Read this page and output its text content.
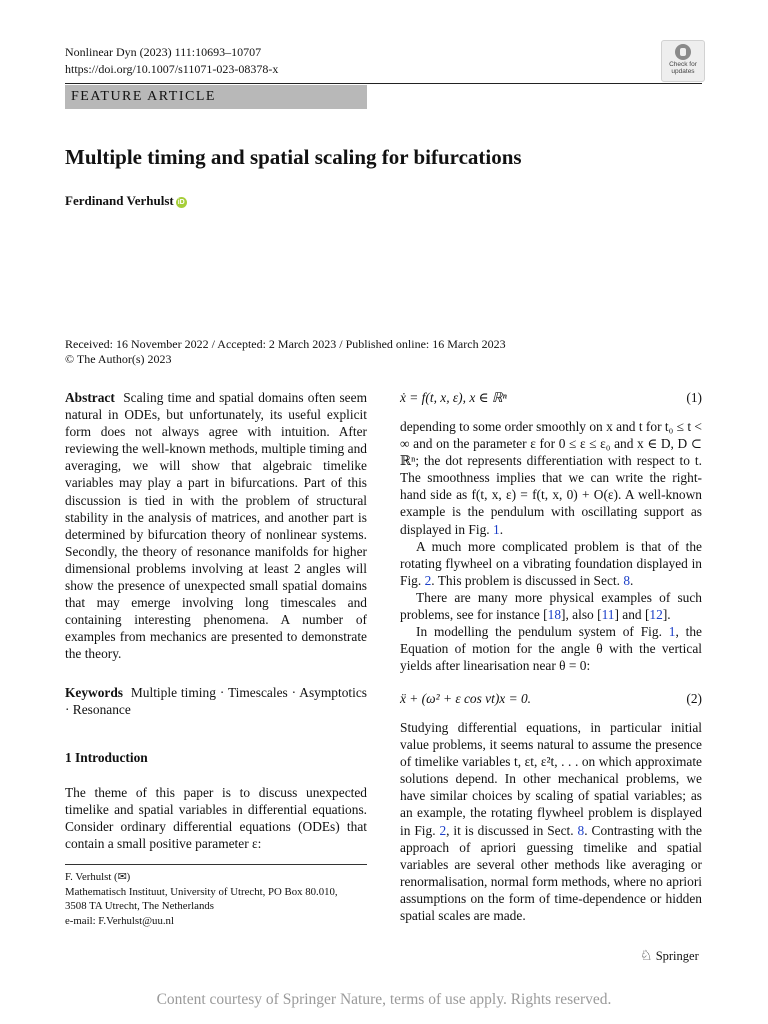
Nonlinear Dyn (2023) 111:10693–10707
https://doi.org/10.1007/s11071-023-08378-x	Check for
updates
FEATURE ARTICLE
Multiple timing and spatial scaling for bifurcations
Ferdinand Verhulst iD
Received: 16 November 2022 / Accepted: 2 March 2023 / Published online: 16 March 2023
© The Author(s) 2023

Abstract Scaling time and spatial domains often seem natural in ODEs, but unfortunately, its useful explicit form does not always agree with intuition. After reviewing the well-known methods, multiple timing and averaging, we will show that algebraic timelike variables may play a part in bifurcations. Part of this discussion is tied in with the problem of structural stability in the analysis of matrices, and another part is determined by bifurcation theory of nonlinear systems. Secondly, the theory of resonance manifolds for higher dimensional problems involving at least 2 angles will show the presence of unexpected small spatial domains that may emerge involving long timescales and containing interesting phenomena. A number of examples from mechanics are presented to demonstrate the theory.

Keywords Multiple timing · Timescales · Asymptotics · Resonance

1 Introduction

The theme of this paper is to discuss unexpected timelike and spatial variables in differential equations. Consider ordinary differential equations (ODEs) that contain a small positive parameter ε:

F. Verhulst (✉)
Mathematisch Instituut, University of Utrecht, PO Box 80.010,
3508 TA Utrecht, The Netherlands
e-mail: F.Verhulst@uu.nl
ẋ = f(t, x, ε), x ∈ ℝⁿ	(1)

depending to some order smoothly on x and t for t₀ ≤ t < ∞ and on the parameter ε for 0 ≤ ε ≤ ε₀ and x ∈ D, D ⊂ ℝⁿ; the dot represents differentiation with respect to t. The smoothness implies that we can write the right-hand side as f(t, x, ε) = f(t, x, 0) + O(ε). A well-known example is the pendulum with oscillating support as displayed in Fig. 1.

A much more complicated problem is that of the rotating flywheel on a vibrating foundation displayed in Fig. 2. This problem is discussed in Sect. 8.

There are many more physical examples of such problems, see for instance [18], also [11] and [12].

In modelling the pendulum system of Fig. 1, the Equation of motion for the angle θ with the vertical yields after linearisation near θ = 0:

ẍ + (ω² + ε cos νt)x = 0.	(2)

Studying differential equations, in particular initial value problems, it seems natural to assume the presence of timelike variables t, εt, ε²t, . . . on which approximate solutions depend. In other mechanical problems, we have similar choices by scaling of spatial variables; as an example, the rotating flywheel problem is displayed in Fig. 2, it is discussed in Sect. 8. Contrasting with the approach of apriori guessing timelike and spatial variables are several other methods like averaging or renormalisation, normal form methods, where no apriori assumptions on the form of time-dependence or hidden spatial scales are made.

♘ Springer
Content courtesy of Springer Nature, terms of use apply. Rights reserved.
